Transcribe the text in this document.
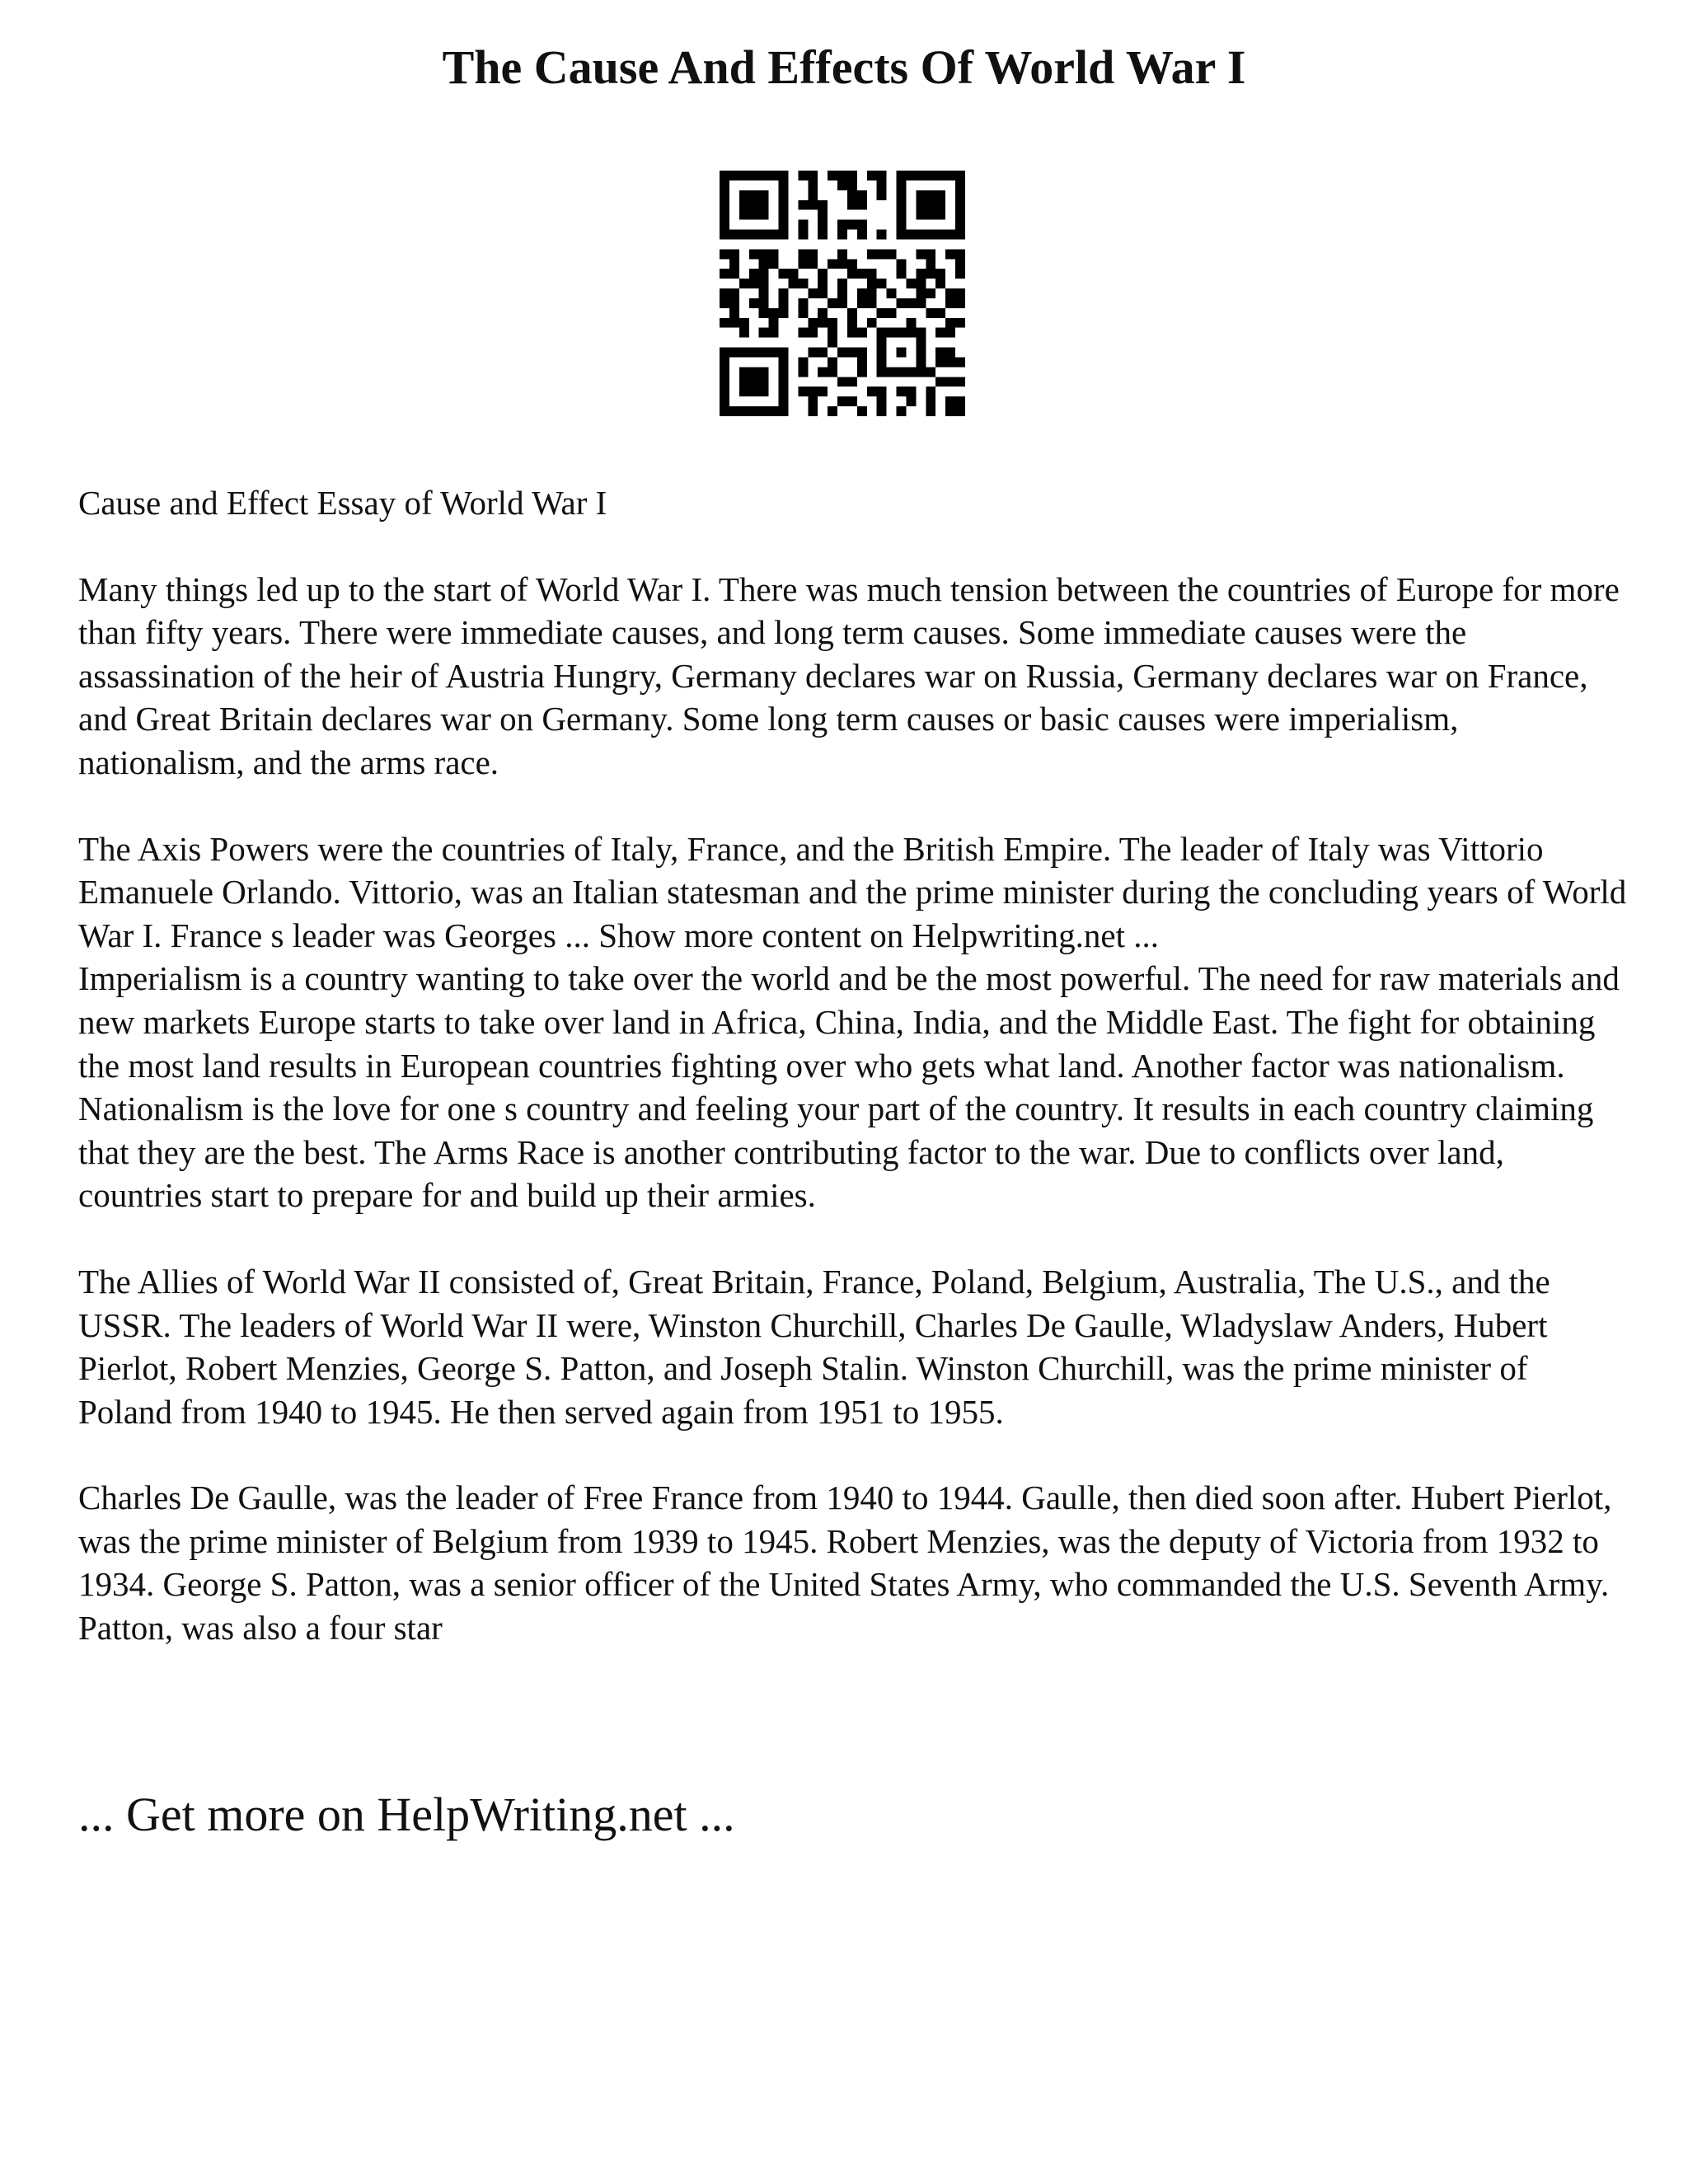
The Cause And Effects Of World War I

Cause and Effect Essay of World War I

Many things led up to the start of World War I. There was much tension between the countries of Europe for more than fifty years. There were immediate causes, and long term causes. Some immediate causes were the assassination of the heir of Austria Hungry, Germany declares war on Russia, Germany declares war on France, and Great Britain declares war on Germany. Some long term causes or basic causes were imperialism, nationalism, and the arms race.

The Axis Powers were the countries of Italy, France, and the British Empire. The leader of Italy was Vittorio Emanuele Orlando. Vittorio, was an Italian statesman and the prime minister during the concluding years of World War I. France s leader was Georges ... Show more content on Helpwriting.net ...

Imperialism is a country wanting to take over the world and be the most powerful. The need for raw materials and new markets Europe starts to take over land in Africa, China, India, and the Middle East. The fight for obtaining the most land results in European countries fighting over who gets what land. Another factor was nationalism. Nationalism is the love for one s country and feeling your part of the country. It results in each country claiming that they are the best. The Arms Race is another contributing factor to the war. Due to conflicts over land, countries start to prepare for and build up their armies.

The Allies of World War II consisted of, Great Britain, France, Poland, Belgium, Australia, The U.S., and the USSR. The leaders of World War II were, Winston Churchill, Charles De Gaulle, Wladyslaw Anders, Hubert Pierlot, Robert Menzies, George S. Patton, and Joseph Stalin. Winston Churchill, was the prime minister of Poland from 1940 to 1945. He then served again from 1951 to 1955.

Charles De Gaulle, was the leader of Free France from 1940 to 1944. Gaulle, then died soon after. Hubert Pierlot, was the prime minister of Belgium from 1939 to 1945. Robert Menzies, was the deputy of Victoria from 1932 to 1934. George S. Patton, was a senior officer of the United States Army, who commanded the U.S. Seventh Army. Patton, was also a four star

... Get more on HelpWriting.net ...
